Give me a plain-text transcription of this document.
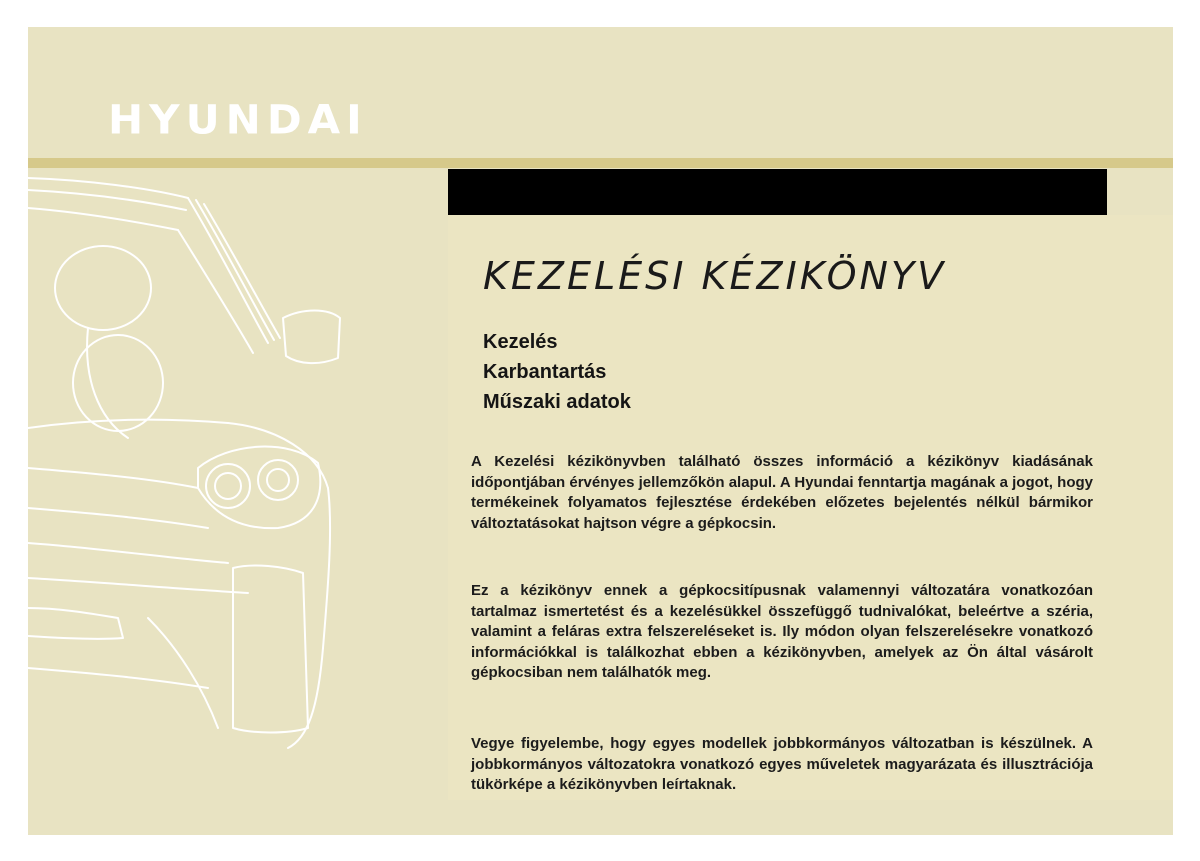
HYUNDAI
KEZELÉSI KÉZIKÖNYV
Kezelés
Karbantartás
Műszaki adatok

A Kezelési kézikönyvben található összes információ a kézikönyv kiadásának időpontjában érvényes jellemzőkön alapul. A Hyundai fenntartja magának a jogot, hogy termékeinek folyamatos fejlesztése érdekében előzetes bejelentés nélkül bármikor változtatásokat hajtson végre a gépkocsin.

Ez a kézikönyv ennek a gépkocsitípusnak valamennyi változatára vonatkozóan tartalmaz ismertetést és a kezelésükkel összefüggő tudnivalókat, beleértve a széria, valamint a feláras extra felszereléseket is. Ily módon olyan felszerelésekre vonatkozó információkkal is találkozhat ebben a kézikönyvben, amelyek az Ön által vásárolt gépkocsiban nem találhatók meg.

Vegye figyelembe, hogy egyes modellek jobbkormányos változatban is készülnek. A jobbkormányos változatokra vonatkozó egyes műveletek magyarázata és illusztrációja tükörképe a kézikönyvben leírtaknak.
